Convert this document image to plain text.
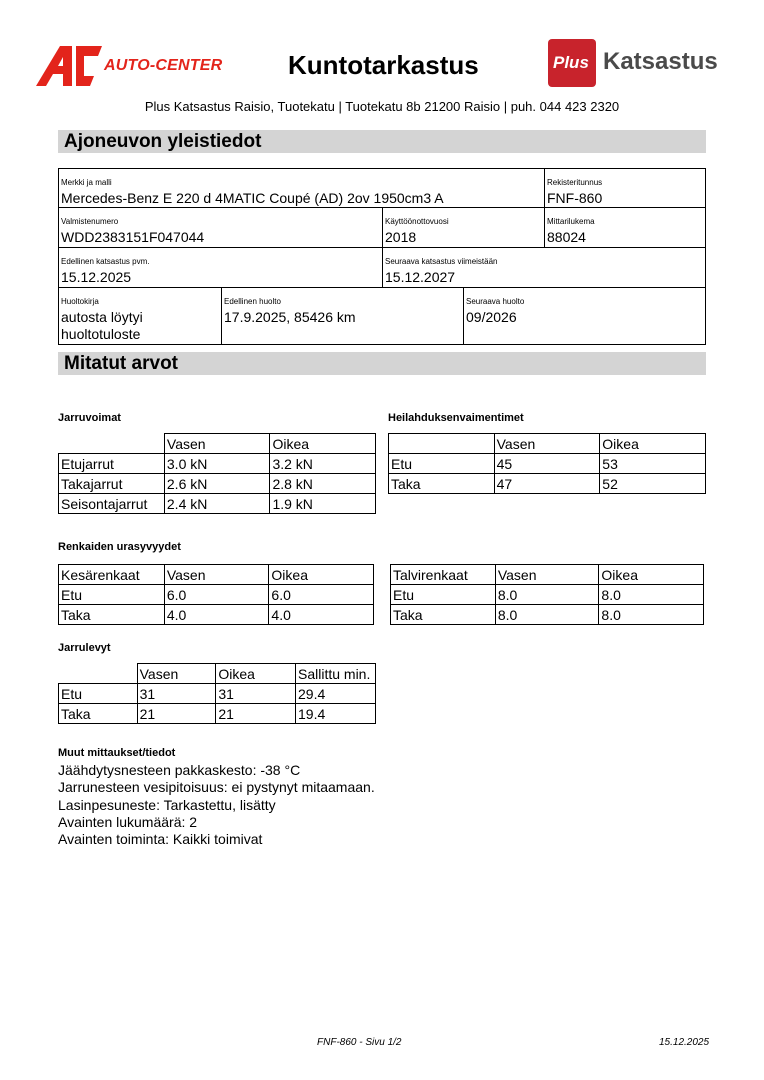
AUTO-CENTER	Kuntotarkastus	Plus Katsastus
Plus Katsastus Raisio, Tuotekatu | Tuotekatu 8b 21200 Raisio | puh. 044 423 2320
Ajoneuvon yleistiedot
Merkki ja malli
Mercedes-Benz E 220 d 4MATIC Coupé (AD) 2ov 1950cm3 A
Rekisteritunnus
FNF-860
Valmistenumero
WDD2383151F047044
Käyttöönottovuosi
2018
Mittarilukema
88024
Edellinen katsastus pvm.
15.12.2025
Seuraava katsastus viimeistään
15.12.2027
Huoltokirja
autosta löytyi
huoltotuloste
Edellinen huolto
17.9.2025, 85426 km
Seuraava huolto
09/2026
Mitatut arvot
Jarruvoimat
	Vasen	Oikea
Etujarrut	3.0 kN	3.2 kN
Takajarrut	2.6 kN	2.8 kN
Seisontajarrut	2.4 kN	1.9 kN
Heilahduksenvaimentimet
	Vasen	Oikea
Etu	45	53
Taka	47	52
Renkaiden urasyvyydet
Kesärenkaat	Vasen	Oikea
Etu	6.0	6.0
Taka	4.0	4.0
Talvirenkaat	Vasen	Oikea
Etu	8.0	8.0
Taka	8.0	8.0
Jarrulevyt
	Vasen	Oikea	Sallittu min.
Etu	31	31	29.4
Taka	21	21	19.4
Muut mittaukset/tiedot
Jäähdytysnesteen pakkaskesto: -38 °C
Jarrunesteen vesipitoisuus: ei pystynyt mitaamaan.
Lasinpesuneste: Tarkastettu, lisätty
Avainten lukumäärä: 2
Avainten toiminta: Kaikki toimivat
FNF-860 - Sivu 1/2	15.12.2025
